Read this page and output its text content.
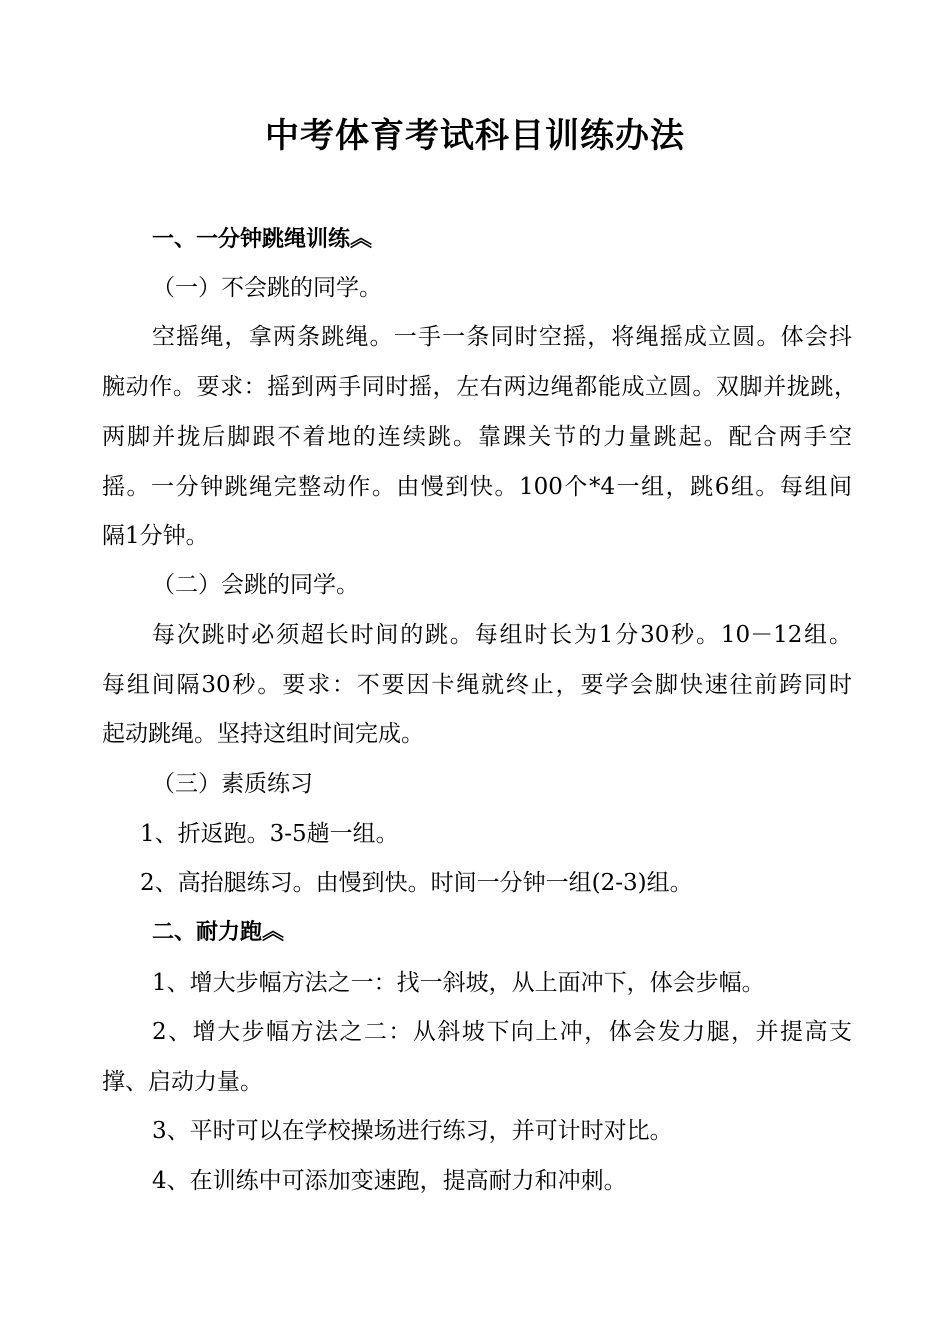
中考体育考试科目训练办法
一、一分钟跳绳训练︽
（一）不会跳的同学。
空摇绳，拿两条跳绳。一手一条同时空摇，将绳摇成立圆。体会抖
腕动作。要求：摇到两手同时摇，左右两边绳都能成立圆。双脚并拢跳，
两脚并拢后脚跟不着地的连续跳。靠踝关节的力量跳起。配合两手空
摇。一分钟跳绳完整动作。由慢到快。100个*4一组，跳6组。每组间
隔1分钟。
（二）会跳的同学。
每次跳时必须超长时间的跳。每组时长为1分30秒。10－12组。
每组间隔30秒。要求：不要因卡绳就终止，要学会脚快速往前跨同时
起动跳绳。坚持这组时间完成。
（三）素质练习
1、折返跑。3-5趟一组。
2、高抬腿练习。由慢到快。时间一分钟一组(2-3)组。
二、耐力跑︽
1、增大步幅方法之一：找一斜坡，从上面冲下，体会步幅。
2、增大步幅方法之二：从斜坡下向上冲，体会发力腿，并提高支
撑、启动力量。
3、平时可以在学校操场进行练习，并可计时对比。
4、在训练中可添加变速跑，提高耐力和冲刺。
